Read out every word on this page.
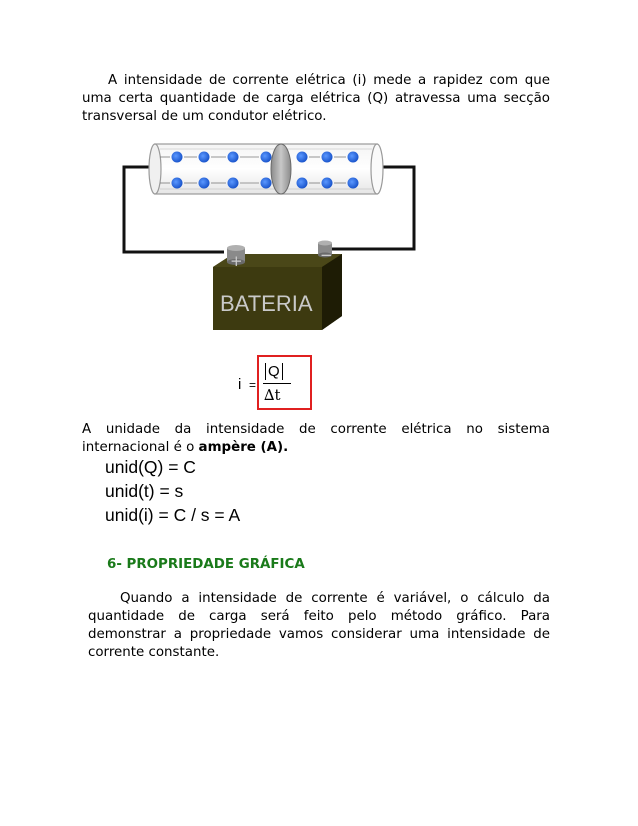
A intensidade de corrente elétrica (i) mede a rapidez com que uma certa quantidade de carga elétrica (Q) atravessa uma secção transversal de um condutor elétrico.

+	−
BATERIA
i =
Q
∆t

A unidade da intensidade de corrente elétrica no sistema internacional é o ampère (A).

unid(Q) = C
unid(t) = s
unid(i) = C / s = A

6- PROPRIEDADE GRÁFICA

Quando a intensidade de corrente é variável, o cálculo da quantidade de carga será feito pelo método gráfico. Para demonstrar a propriedade vamos considerar uma intensidade de corrente constante.
